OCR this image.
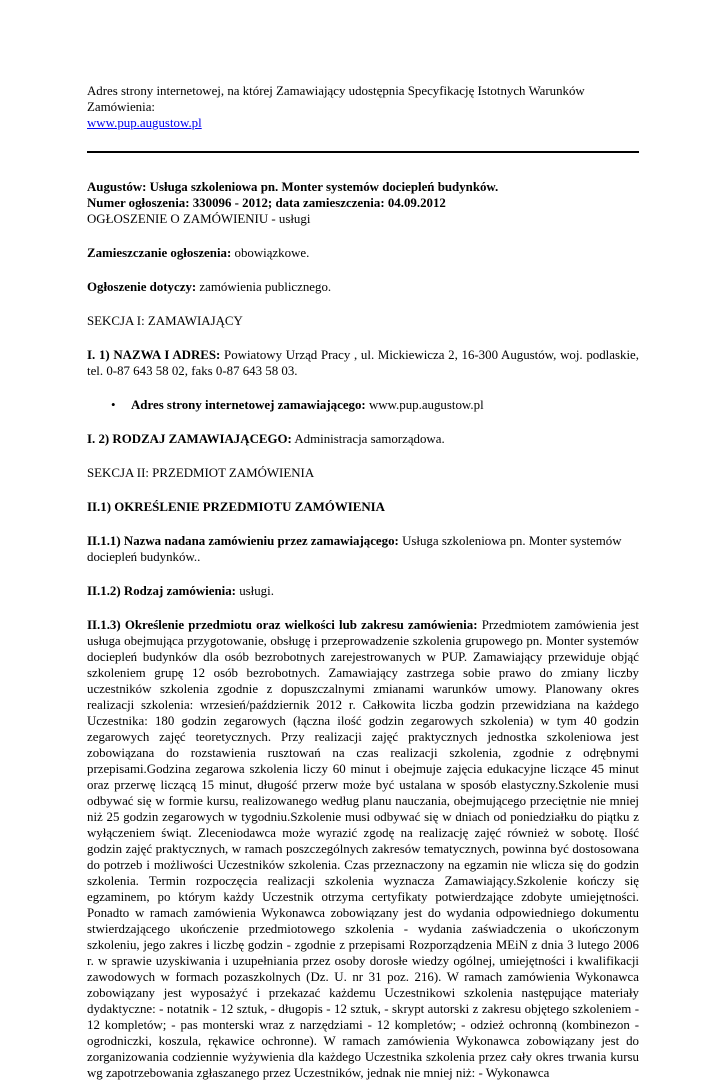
Adres strony internetowej, na której Zamawiający udostępnia Specyfikację Istotnych Warunków Zamówienia:
www.pup.augustow.pl

Augustów: Usługa szkoleniowa pn. Monter systemów dociepleń budynków.
Numer ogłoszenia: 330096 - 2012; data zamieszczenia: 04.09.2012
OGŁOSZENIE O ZAMÓWIENIU - usługi

Zamieszczanie ogłoszenia: obowiązkowe.

Ogłoszenie dotyczy: zamówienia publicznego.

SEKCJA I: ZAMAWIAJĄCY

I. 1) NAZWA I ADRES: Powiatowy Urząd Pracy , ul. Mickiewicza 2, 16-300 Augustów, woj. podlaskie, tel. 0-87 643 58 02, faks 0-87 643 58 03.

• Adres strony internetowej zamawiającego: www.pup.augustow.pl

I. 2) RODZAJ ZAMAWIAJĄCEGO: Administracja samorządowa.

SEKCJA II: PRZEDMIOT ZAMÓWIENIA

II.1) OKREŚLENIE PRZEDMIOTU ZAMÓWIENIA

II.1.1) Nazwa nadana zamówieniu przez zamawiającego: Usługa szkoleniowa pn. Monter systemów dociepleń budynków..

II.1.2) Rodzaj zamówienia: usługi.

II.1.3) Określenie przedmiotu oraz wielkości lub zakresu zamówienia: Przedmiotem zamówienia jest usługa obejmująca przygotowanie, obsługę i przeprowadzenie szkolenia grupowego pn. Monter systemów dociepleń budynków dla osób bezrobotnych zarejestrowanych w PUP. Zamawiający przewiduje objąć szkoleniem grupę 12 osób bezrobotnych. Zamawiający zastrzega sobie prawo do zmiany liczby uczestników szkolenia zgodnie z dopuszczalnymi zmianami warunków umowy. Planowany okres realizacji szkolenia: wrzesień/październik 2012 r. Całkowita liczba godzin przewidziana na każdego Uczestnika: 180 godzin zegarowych (łączna ilość godzin zegarowych szkolenia) w tym 40 godzin zegarowych zajęć teoretycznych. Przy realizacji zajęć praktycznych jednostka szkoleniowa jest zobowiązana do rozstawienia rusztowań na czas realizacji szkolenia, zgodnie z odrębnymi przepisami.Godzina zegarowa szkolenia liczy 60 minut i obejmuje zajęcia edukacyjne liczące 45 minut oraz przerwę liczącą 15 minut, długość przerw może być ustalana w sposób elastyczny.Szkolenie musi odbywać się w formie kursu, realizowanego według planu nauczania, obejmującego przeciętnie nie mniej niż 25 godzin zegarowych w tygodniu.Szkolenie musi odbywać się w dniach od poniedziałku do piątku z wyłączeniem świąt. Zleceniodawca może wyrazić zgodę na realizację zajęć również w sobotę. Ilość godzin zajęć praktycznych, w ramach poszczególnych zakresów tematycznych, powinna być dostosowana do potrzeb i możliwości Uczestników szkolenia. Czas przeznaczony na egzamin nie wlicza się do godzin szkolenia. Termin rozpoczęcia realizacji szkolenia wyznacza Zamawiający.Szkolenie kończy się egzaminem, po którym każdy Uczestnik otrzyma certyfikaty potwierdzające zdobyte umiejętności. Ponadto w ramach zamówienia Wykonawca zobowiązany jest do wydania odpowiedniego dokumentu stwierdzającego ukończenie przedmiotowego szkolenia - wydania zaświadczenia o ukończonym szkoleniu, jego zakres i liczbę godzin - zgodnie z przepisami Rozporządzenia MEiN z dnia 3 lutego 2006 r. w sprawie uzyskiwania i uzupełniania przez osoby dorosłe wiedzy ogólnej, umiejętności i kwalifikacji zawodowych w formach pozaszkolnych (Dz. U. nr 31 poz. 216). W ramach zamówienia Wykonawca zobowiązany jest wyposażyć i przekazać każdemu Uczestnikowi szkolenia następujące materiały dydaktyczne: - notatnik - 12 sztuk, - długopis - 12 sztuk, - skrypt autorski z zakresu objętego szkoleniem - 12 kompletów; - pas monterski wraz z narzędziami - 12 kompletów; - odzież ochronną (kombinezon - ogrodniczki, koszula, rękawice ochronne). W ramach zamówienia Wykonawca zobowiązany jest do zorganizowania codziennie wyżywienia dla każdego Uczestnika szkolenia przez cały okres trwania kursu wg zapotrzebowania zgłaszanego przez Uczestników, jednak nie mniej niż: - Wykonawca
